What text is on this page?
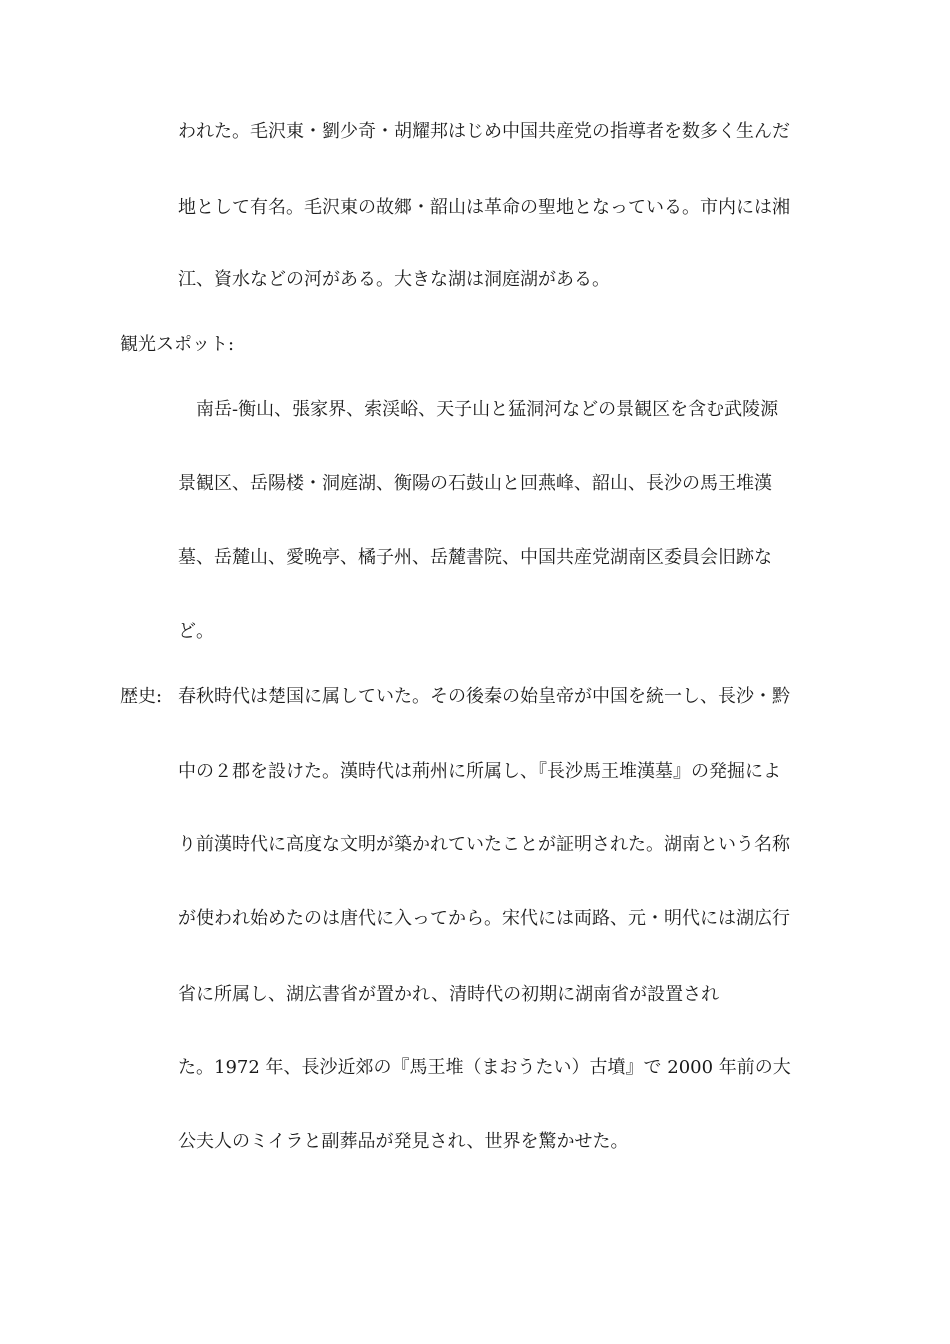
われた。毛沢東・劉少奇・胡耀邦はじめ中国共産党の指導者を数多く生んだ
地として有名。毛沢東の故郷・韶山は革命の聖地となっている。市内には湘
江、資水などの河がある。大きな湖は洞庭湖がある。
観光スポット:
南岳-衡山、張家界、索渓峪、天子山と猛洞河などの景観区を含む武陵源
景観区、岳陽楼・洞庭湖、衡陽の石鼓山と回燕峰、韶山、長沙の馬王堆漢
墓、岳麓山、愛晩亭、橘子州、岳麓書院、中国共産党湖南区委員会旧跡な
ど。
歴史: 春秋時代は楚国に属していた。その後秦の始皇帝が中国を統一し、長沙・黔
中の２郡を設けた。漢時代は荊州に所属し、『長沙馬王堆漢墓』の発掘によ
り前漢時代に高度な文明が築かれていたことが証明された。湖南という名称
が使われ始めたのは唐代に入ってから。宋代には両路、元・明代には湖広行
省に所属し、湖広書省が置かれ、清時代の初期に湖南省が設置され
た。1972 年、長沙近郊の『馬王堆（まおうたい）古墳』で 2000 年前の大
公夫人のミイラと副葬品が発見され、世界を驚かせた。
